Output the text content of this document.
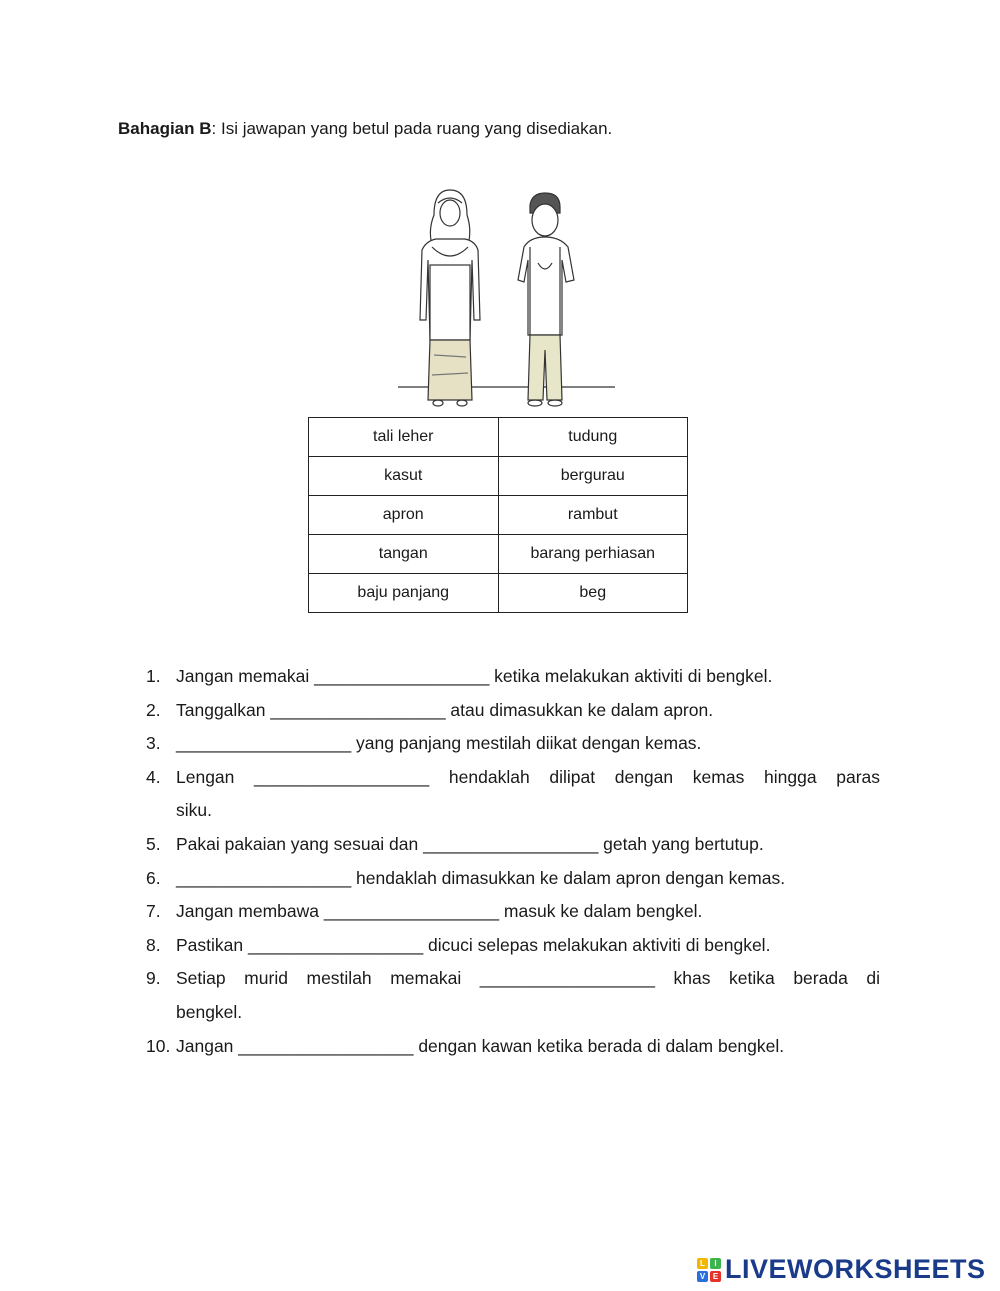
Bahagian B: Isi jawapan yang betul pada ruang yang disediakan.
tali leher	tudung
kasut	bergurau
apron	rambut
tangan	barang perhiasan
baju panjang	beg
1. Jangan memakai __________________ ketika melakukan aktiviti di bengkel.
2. Tanggalkan __________________ atau dimasukkan ke dalam apron.
3. __________________ yang panjang mestilah diikat dengan kemas.
4. Lengan __________________ hendaklah dilipat dengan kemas hingga paras
siku.
5. Pakai pakaian yang sesuai dan __________________ getah yang bertutup.
6. __________________ hendaklah dimasukkan ke dalam apron dengan kemas.
7. Jangan membawa __________________ masuk ke dalam bengkel.
8. Pastikan __________________ dicuci selepas melakukan aktiviti di bengkel.
9. Setiap murid mestilah memakai __________________ khas ketika berada di
bengkel.
10. Jangan __________________ dengan kawan ketika berada di dalam bengkel.
L	I
V E LIVEWORKSHEETS
